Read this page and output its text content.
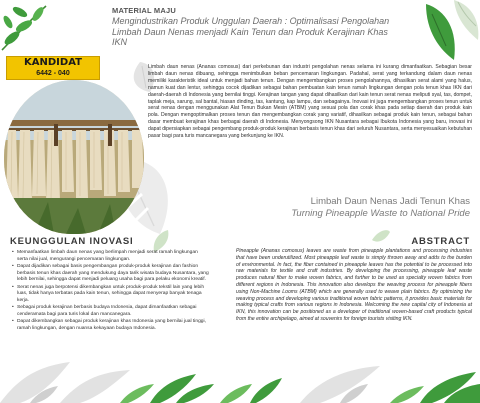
MATERIAL MAJU
Mengindustrikan Produk Unggulan Daerah : Optimalisasi Pengolahan Limbah Daun Nenas menjadi Kain Tenun dan Produk Kerajinan Khas IKN
KANDIDAT
6442 - 040
Limbah daun nenas (Ananas comosus) dari perkebunan dan industri pengolahan nenas selama ini kurang dimanfaatkan. Sebagian besar limbah daun nenas dibuang, sehingga menimbulkan beban pencemaran lingkungan. Padahal, serat yang terkandung dalam daun nenas memiliki karakteristik ideal untuk menjadi bahan tenun. Dengan mengembangkan proses pengolahannya, dihasilkan serat alami yang halus, namun kuat dan lentur, sehingga cocok dijadikan sebagai bahan pembuatan kain tenun ramah lingkungan dengan pola tenun khas IKN dari daerah-daerah di Indonesia yang bernilai tinggi. Kerajinan tangan yang dapat dihasilkan dari kain tenun serat nenas meliputi syal, tas, dompet, taplak meja, sarung, sal bantal, hiasan dinding, tas, kantung, kap lampu, dan sebagainya. Inovasi ini juga mengembangkan proses tenun untuk serat nenas dengan menggunakan Alat Tenun Bukan Mesin (ATBM) yang sesuai pola dan corak khas pada setiap daerah dan produk kain pola. Dengan mengoptimalkan proses tenun dan mengembangkan corak yang variatif, dihasilkan sebagai produk kain tenun, sebagai bahan dasar membuat kerajinan khas berbagai daerah di Indonesia. Menyongsong IKN Nusantara sebagai Ibukota Indonesia yang baru, inovasi ini dapat dipersiapkan sebagai pengembang produk-produk kerajinan berbasis tenun khas dari seluruh Nusantara, serta menyesuaikan kebutuhan pasar bagi para turis mancanegara yang berkunjung ke IKN.
Limbah Daun Nenas Jadi Tenun Khas
Turning Pineapple Waste to National Pride
KEUNGGULAN INOVASI
• Memanfaatkan limbah daun nenas yang berlimpah menjadi serat ramah lingkungan serta nilai jual, mengurangi pencemaran lingkungan.
• Dapat dijadikan sebagai basis pengembangan produk-produk kerajinan dan fashion berbasis tenun khas daerah yang mendukung daya tarik wisata budaya Nusantara, yang lebih bernilai, sehingga dapat menjadi peluang usaha bagi para pelaku ekonomi kreatif.
• Serat nenas juga berpotensi dikembangkan untuk produk-produk tekstil lain yang lebih luas, tidak hanya terbatas pada kain tenun, sehingga dapat menyerap banyak tenaga kerja.
• Sebagai produk kerajinan berbasis budaya Indonesia, dapat dimanfaatkan sebagai cenderamata bagi para turis lokal dan mancanegara.
• Dapat dikembangkan sebagai produk kerajinan khas Indonesia yang bernilai jual tinggi, ramah lingkungan, dengan nuansa kekayaan budaya Indonesia.
ABSTRACT
Pineapple (Ananas comosus) leaves are waste from pineapple plantations and processing industries that have been underutilized. Most pineapple leaf waste is simply thrown away and adds to the burden of environmental. In fact, the fiber contained in pineapple leaves has the potential to be processed into raw materials for textile and craft industries. By developing the processing, pineapple leaf waste produces natural fiber to make woven fabrics, and further to be used as specialty woven fabrics from different regions in Indonesia. This innovation also develops the weaving process for pineapple fibers using Non-Machine Looms (ATBM) which are generally used to weave plain fabrics. By optimizing the weaving process and developing various traditional woven fabric patterns, it provides basic materials for making typical crafts from various regions in Indonesia. Welcoming the new capital city of Indonesia at IKN, this innovation can be positioned as a developer of traditional woven-based craft products typical from the entire archipelago, aimed at souvenirs for foreign tourists visiting IKN.
